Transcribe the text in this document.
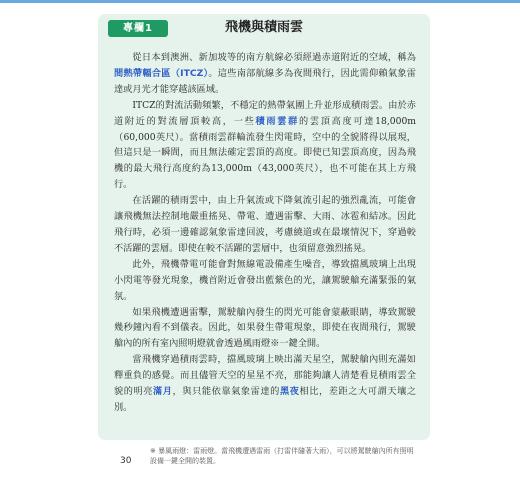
專欄1	飛機與積雨雲

從日本到澳洲、新加坡等的南方航線必須經過赤道附近的空域，稱為間熱帶輻合區（ITCZ）。這些南部航線多為夜間飛行，因此需仰賴氣象雷達或月光才能穿越該區域。

ITCZ的對流活動頻繁，不穩定的熱帶氣團上升並形成積雨雲。由於赤道附近的對流層頂較高，一些積雨雲群的雲頂高度可達18,000m（60,000英尺）。當積雨雲群輪流發生閃電時，空中的全貌將得以展現，但這只是一瞬間，而且無法確定雲頂的高度。即使已知雲頂高度，因為飛機的最大飛行高度約為13,000m（43,000英尺），也不可能在其上方飛行。

在活躍的積雨雲中，由上升氣流或下降氣流引起的強烈亂流，可能會讓飛機無法控制地嚴重搖晃、帶電、遭遇雷擊、大雨、冰雹和結冰。因此飛行時，必須一邊確認氣象雷達回波，考慮繞道或在最壞情況下，穿過較不活躍的雲層。即使在較不活躍的雲層中，也須留意強烈搖晃。

此外，飛機帶電可能會對無線電設備產生噪音，導致擋風玻璃上出現小閃電等發光現象，機首附近會發出藍紫色的光，讓駕駛艙充滿緊張的氣氛。

如果飛機遭遇雷擊，駕駛艙內發生的閃光可能會蒙蔽眼睛，導致駕駛幾秒鐘內看不到儀表。因此，如果發生帶電現象，即使在夜間飛行，駕駛艙內的所有室內照明燈就會透過風雨燈※一鍵全開。

當飛機穿過積雨雲時，擋風玻璃上映出滿天星空，駕駛艙內則充滿如釋重負的感覺。而且儘管天空的星星不亮，那能夠讓人清楚看見積雨雲全貌的明亮滿月，與只能依靠氣象雷達的黑夜相比，差距之大可謂天壤之別。

30
※ 暴風雨燈：雷雨燈。當飛機遭遇雷雨（打雷伴隨著大雨），可以將駕駛艙內所有照明設備一鍵全開的裝置。
